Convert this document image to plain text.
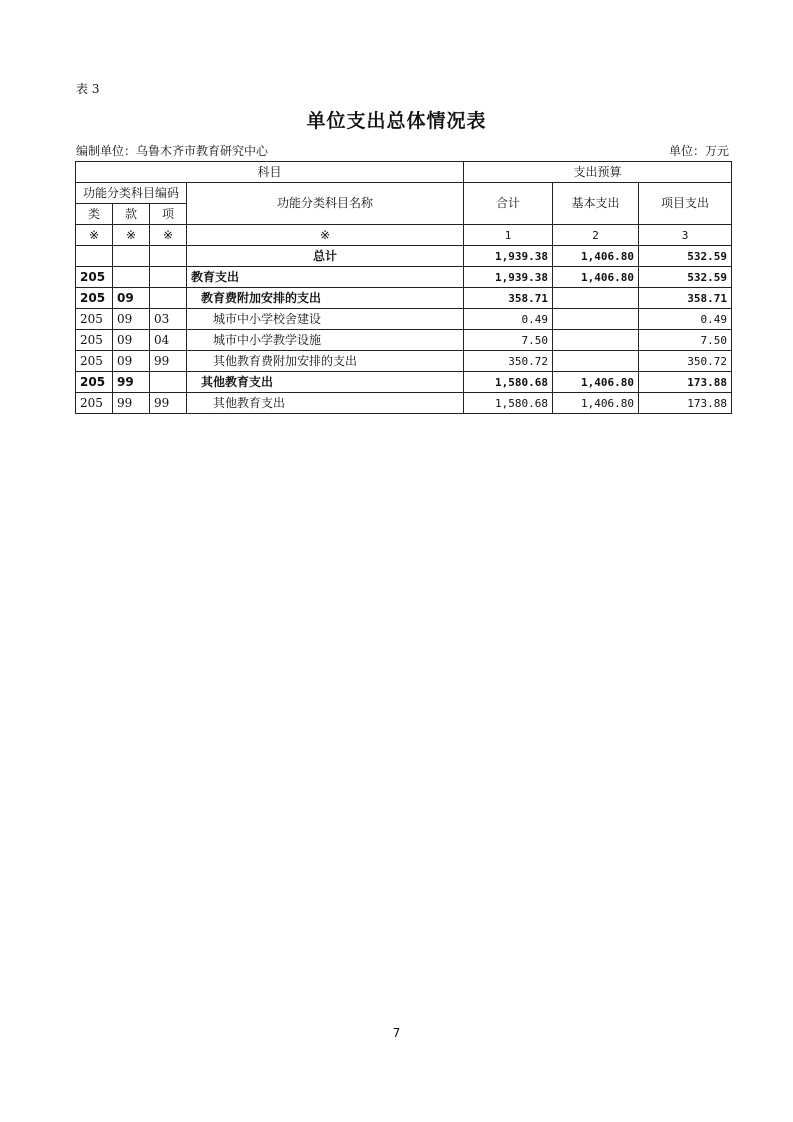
表 3
单位支出总体情况表
编制单位：乌鲁木齐市教育研究中心	单位：万元
科目				支出预算		
功能分类科目编码			功能分类科目名称	合计	基本支出	项目支出
类	款	项				
※	※	※	※	1	2	3
			总计	1,939.38	1,406.80	532.59
205			教育支出	1,939.38	1,406.80	532.59
205	09		教育费附加安排的支出	358.71		358.71
205	09	03	城市中小学校舍建设	0.49		0.49
205	09	04	城市中小学教学设施	7.50		7.50
205	09	99	其他教育费附加安排的支出	350.72		350.72
205	99		其他教育支出	1,580.68	1,406.80	173.88
205	99	99	其他教育支出	1,580.68	1,406.80	173.88
7
